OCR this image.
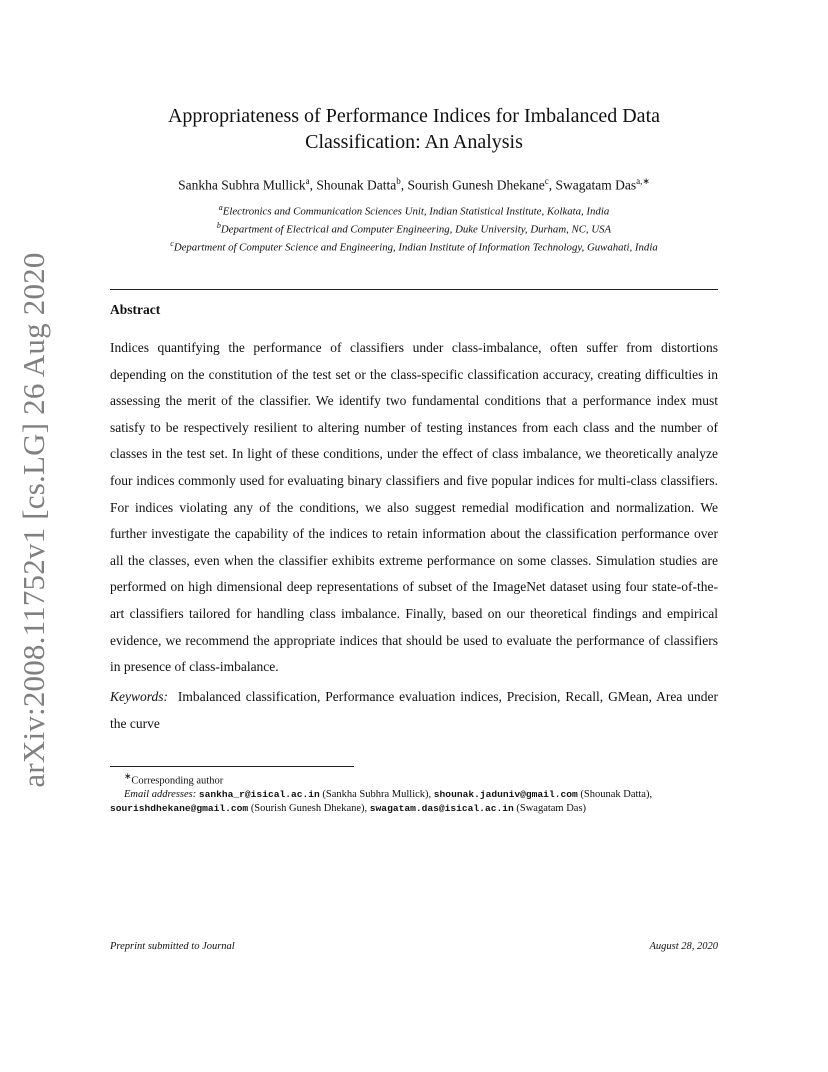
arXiv:2008.11752v1 [cs.LG] 26 Aug 2020
Appropriateness of Performance Indices for Imbalanced Data
Classification: An Analysis
Sankha Subhra Mullick$^a$, Shounak Datta$^b$, Sourish Gunesh Dhekane$^c$, Swagatam Das$^{a,∗}$
$^a$Electronics and Communication Sciences Unit, Indian Statistical Institute, Kolkata, India
$^b$Department of Electrical and Computer Engineering, Duke University, Durham, NC, USA
$^c$Department of Computer Science and Engineering, Indian Institute of Information Technology, Guwahati, India
Abstract
Indices quantifying the performance of classifiers under class-imbalance, often suffer from distortions depending on the constitution of the test set or the class-specific classification accuracy, creating difficulties in assessing the merit of the classifier. We identify two fundamental conditions that a performance index must satisfy to be respectively resilient to altering number of testing instances from each class and the number of classes in the test set. In light of these conditions, under the effect of class imbalance, we theoretically analyze four indices commonly used for evaluating binary classifiers and five popular indices for multi-class classifiers. For indices violating any of the conditions, we also suggest remedial modification and normalization. We further investigate the capability of the indices to retain information about the classification performance over all the classes, even when the classifier exhibits extreme performance on some classes. Simulation studies are performed on high dimensional deep representations of subset of the ImageNet dataset using four state-of-the-art classifiers tailored for handling class imbalance. Finally, based on our theoretical findings and empirical evidence, we recommend the appropriate indices that should be used to evaluate the performance of classifiers in presence of class-imbalance.
Keywords: Imbalanced classification, Performance evaluation indices, Precision, Recall, GMean, Area under the curve
∗Corresponding author
Email addresses: sankha_r@isical.ac.in (Sankha Subhra Mullick), shounak.jaduniv@gmail.com (Shounak Datta), sourishdhekane@gmail.com (Sourish Gunesh Dhekane), swagatam.das@isical.ac.in (Swagatam Das)
Preprint submitted to Journal	August 28, 2020
